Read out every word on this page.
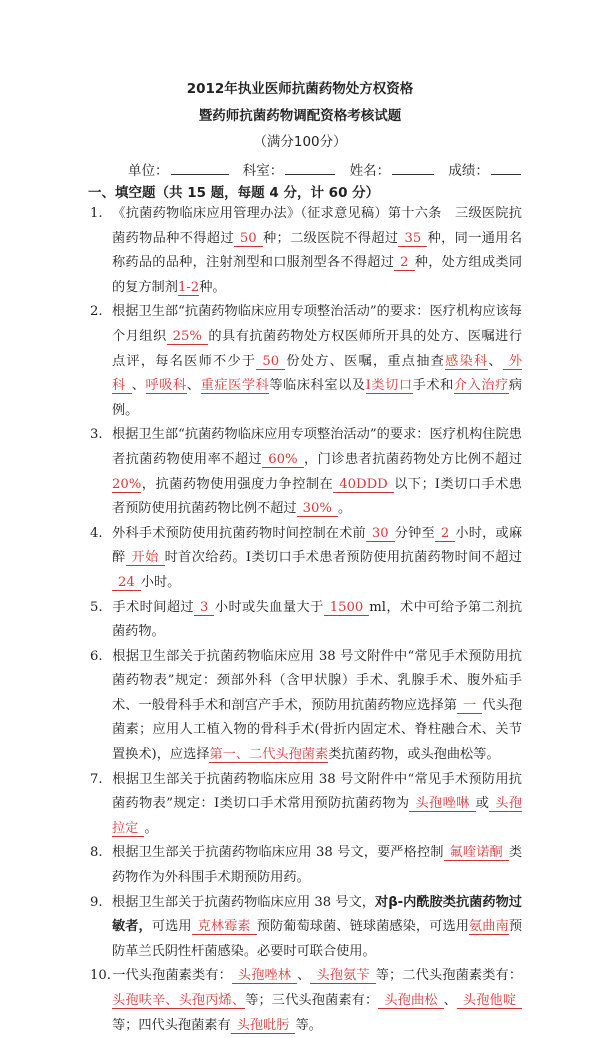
2012年执业医师抗菌药物处方权资格
暨药师抗菌药物调配资格考核试题
（满分100分）
单位：	科室：	姓名：	成绩：
一、填空题（共 15 题，每题 4 分，计 60 分）

1. 《抗菌药物临床应用管理办法》（征求意见稿）第十六条　三级医院抗菌药物品种不得超过 50 种；二级医院不得超过 35 种，同一通用名称药品的品种，注射剂型和口服剂型各不得超过 2 种，处方组成类同的复方制剂1-2种。

2. 根据卫生部“抗菌药物临床应用专项整治活动”的要求：医疗机构应该每个月组织 25% 的具有抗菌药物处方权医师所开具的处方、医嘱进行点评，每名医师不少于 50 份处方、医嘱，重点抽查感染科、 外科 、呼吸科、重症医学科等临床科室以及I类切口手术和介入治疗病例。

3. 根据卫生部“抗菌药物临床应用专项整治活动”的要求：医疗机构住院患者抗菌药物使用率不超过 60% ，门诊患者抗菌药物处方比例不超过20%，抗菌药物使用强度力争控制在 40DDD 以下；I类切口手术患者预防使用抗菌药物比例不超过 30% 。

4. 外科手术预防使用抗菌药物时间控制在术前 30 分钟至 2 小时，或麻醉 开始 时首次给药。I类切口手术患者预防使用抗菌药物时间不超过24 小时。

5. 手术时间超过 3 小时或失血量大于 1500 ml，术中可给予第二剂抗菌药物。

6. 根据卫生部关于抗菌药物临床应用 38 号文附件中“常见手术预防用抗菌药物表”规定：颈部外科（含甲状腺）手术、乳腺手术、腹外疝手术、一般骨科手术和剖宫产手术，预防用抗菌药物应选择第 一 代头孢菌素；应用人工植入物的骨科手术(骨折内固定术、脊柱融合术、关节置换术)，应选择第一、二代头孢菌素类抗菌药物，或头孢曲松等。

7. 根据卫生部关于抗菌药物临床应用 38 号文附件中“常见手术预防用抗菌药物表”规定：I类切口手术常用预防抗菌药物为 头孢唑啉 或 头孢拉定 。

8. 根据卫生部关于抗菌药物临床应用 38 号文，要严格控制 氟喹诺酮 类药物作为外科围手术期预防用药。

9. 根据卫生部关于抗菌药物临床应用 38 号文，对β-内酰胺类抗菌药物过敏者，可选用 克林霉素 预防葡萄球菌、链球菌感染，可选用氨曲南预防革兰氏阴性杆菌感染。必要时可联合使用。

10.一代头孢菌素类有： 头孢唑林 、 头孢氨苄 等；二代头孢菌素类有：头孢呋辛、头孢丙烯、等；三代头孢菌素有： 头孢曲松 、 头孢他啶等；四代头孢菌素有 头孢吡肟 等。
